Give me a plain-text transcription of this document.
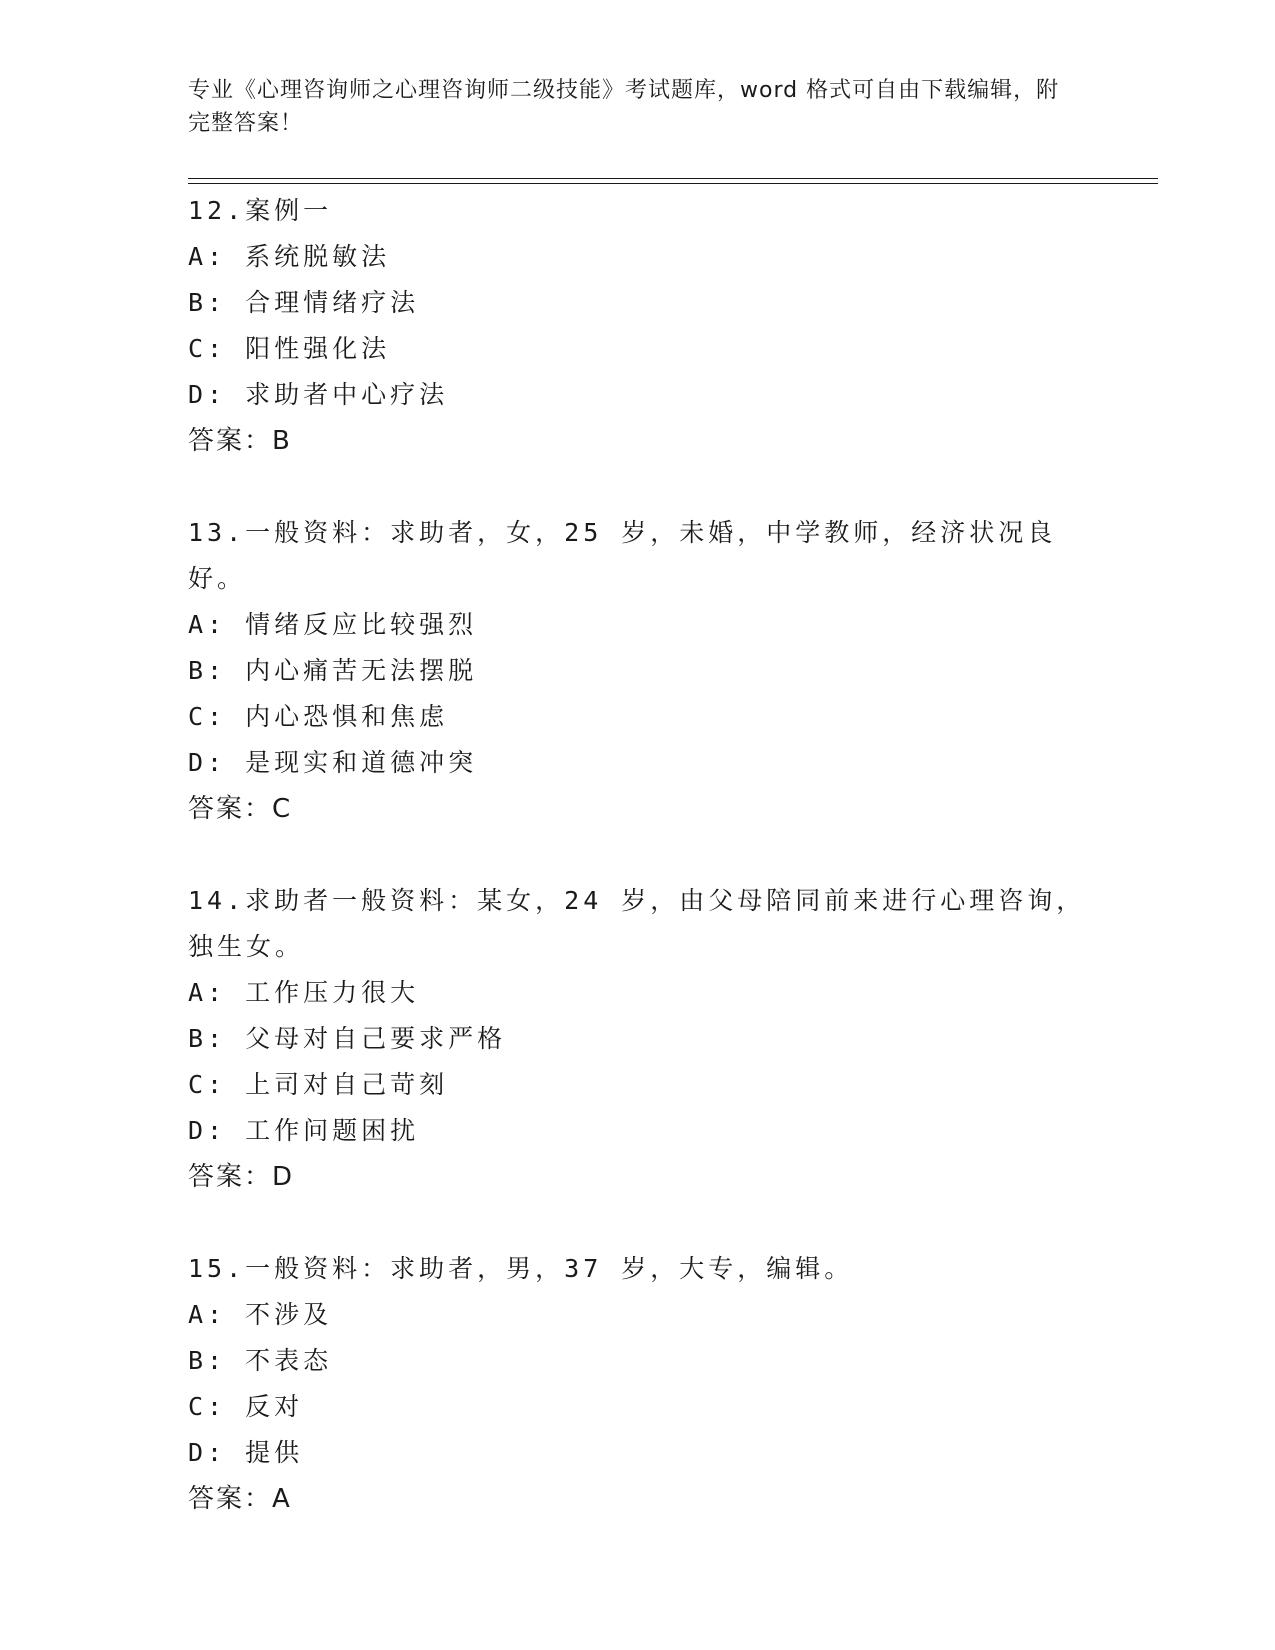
专业《心理咨询师之心理咨询师二级技能》考试题库，word 格式可自由下载编辑，附完整答案！
12.案例一
A: 系统脱敏法
B: 合理情绪疗法
C: 阳性强化法
D: 求助者中心疗法
答案：B
13.一般资料：求助者，女，25 岁，未婚，中学教师，经济状况良好。
A: 情绪反应比较强烈
B: 内心痛苦无法摆脱
C: 内心恐惧和焦虑
D: 是现实和道德冲突
答案：C
14.求助者一般资料：某女，24 岁，由父母陪同前来进行心理咨询，独生女。
A: 工作压力很大
B: 父母对自己要求严格
C: 上司对自己苛刻
D: 工作问题困扰
答案：D
15.一般资料：求助者，男，37 岁，大专，编辑。
A: 不涉及
B: 不表态
C: 反对
D: 提供
答案：A
